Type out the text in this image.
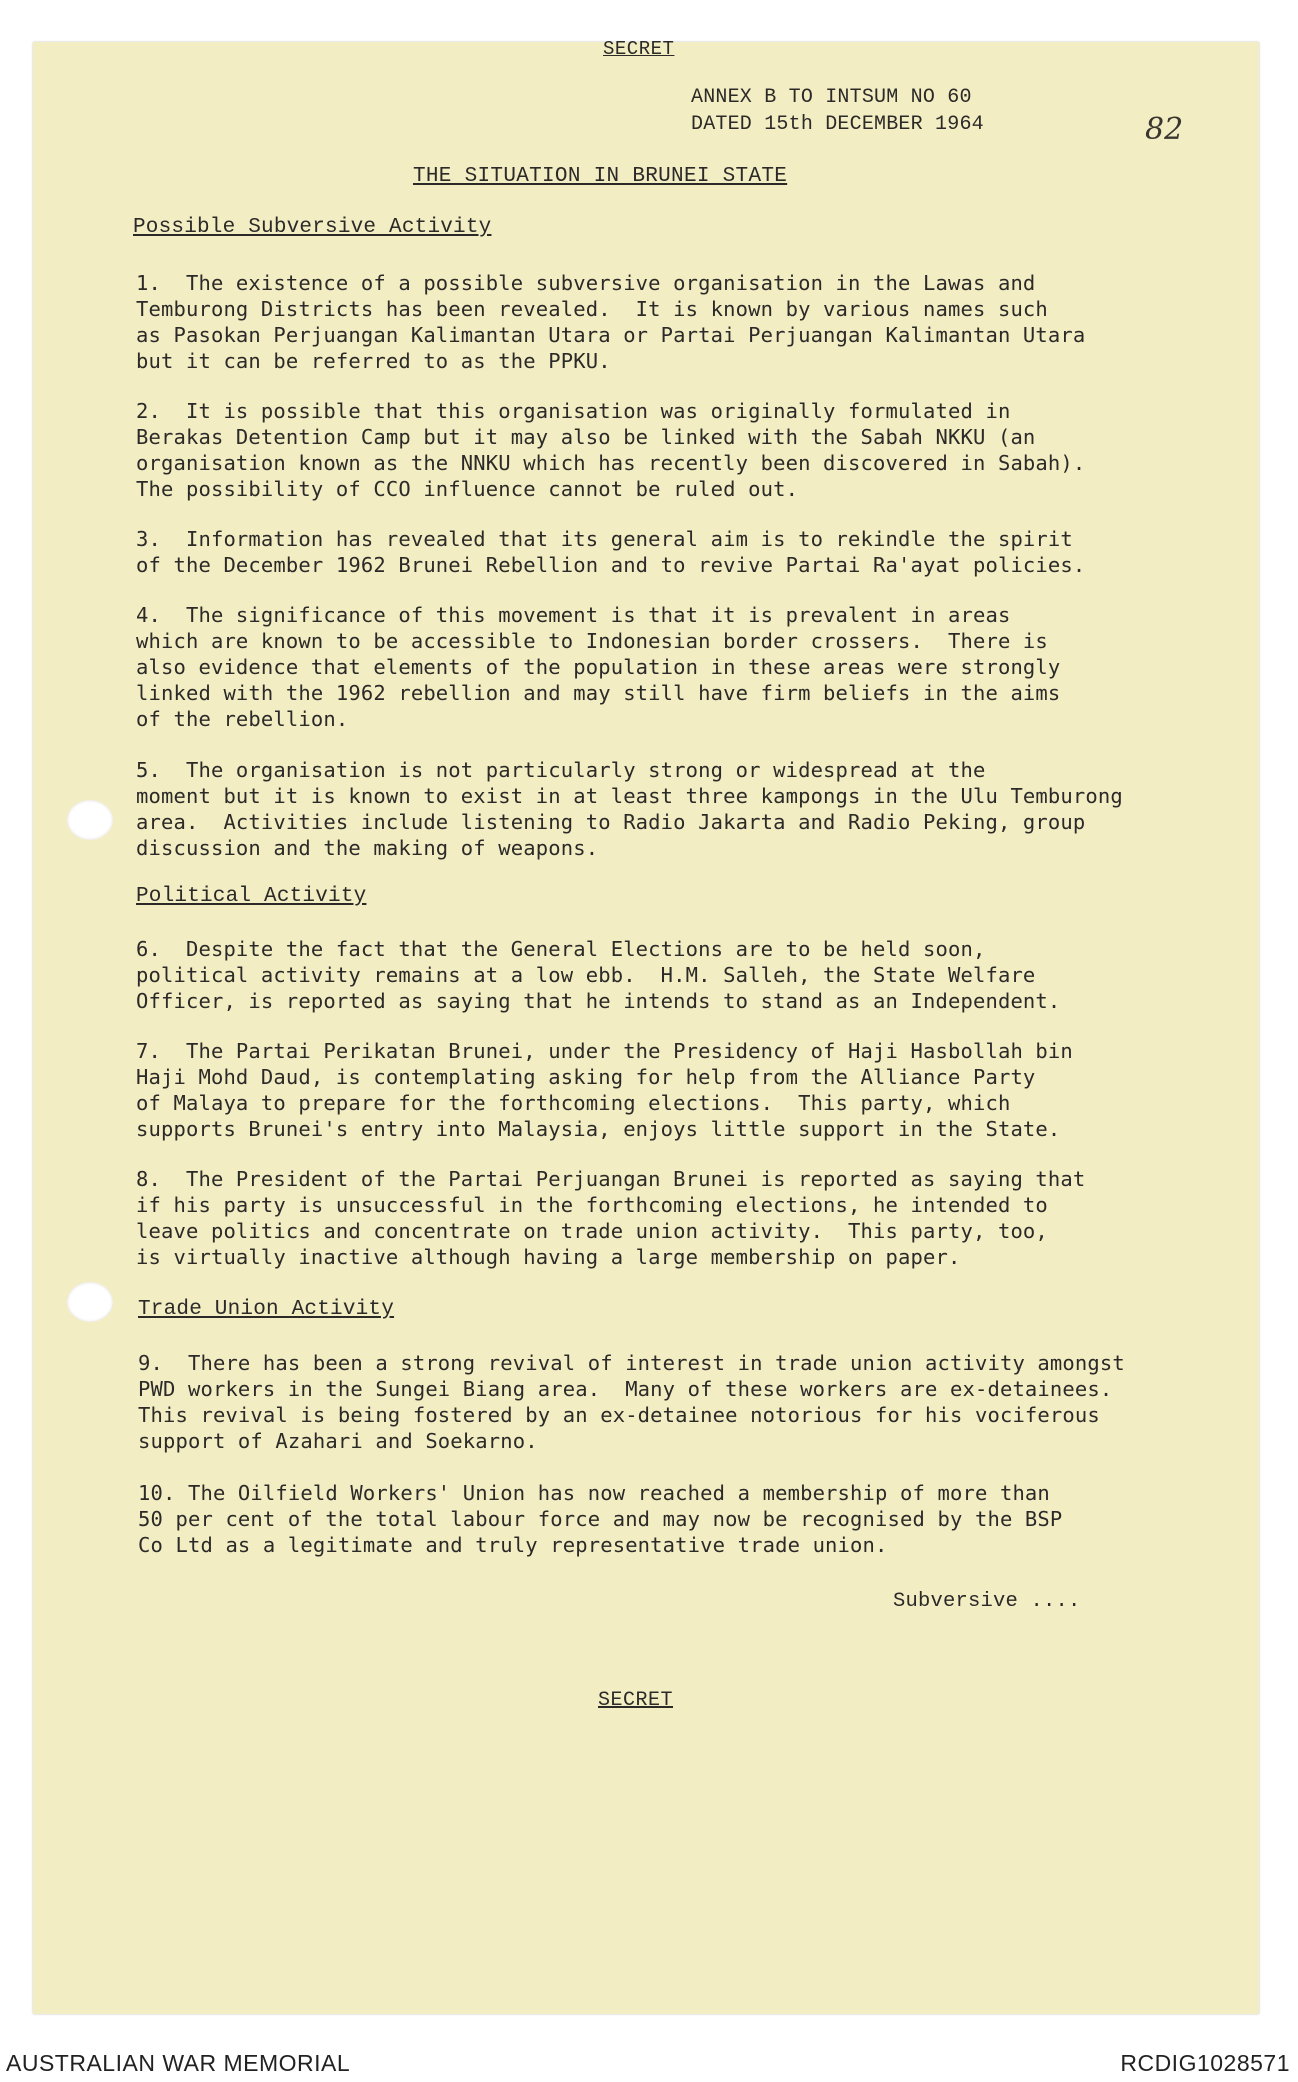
SECRET
ANNEX B TO INTSUM NO 60
DATED 15th DECEMBER 1964	82
THE SITUATION IN BRUNEI STATE
Possible Subversive Activity
1.  The existence of a possible subversive organisation in the Lawas and
Temburong Districts has been revealed.  It is known by various names such
as Pasokan Perjuangan Kalimantan Utara or Partai Perjuangan Kalimantan Utara
but it can be referred to as the PPKU.
2.  It is possible that this organisation was originally formulated in
Berakas Detention Camp but it may also be linked with the Sabah NKKU (an
organisation known as the NNKU which has recently been discovered in Sabah).
The possibility of CCO influence cannot be ruled out.
3.  Information has revealed that its general aim is to rekindle the spirit
of the December 1962 Brunei Rebellion and to revive Partai Ra'ayat policies.
4.  The significance of this movement is that it is prevalent in areas
which are known to be accessible to Indonesian border crossers.  There is
also evidence that elements of the population in these areas were strongly
linked with the 1962 rebellion and may still have firm beliefs in the aims
of the rebellion.
5.  The organisation is not particularly strong or widespread at the
moment but it is known to exist in at least three kampongs in the Ulu Temburong
area.  Activities include listening to Radio Jakarta and Radio Peking, group
discussion and the making of weapons.
Political Activity
6.  Despite the fact that the General Elections are to be held soon,
political activity remains at a low ebb.  H.M. Salleh, the State Welfare
Officer, is reported as saying that he intends to stand as an Independent.
7.  The Partai Perikatan Brunei, under the Presidency of Haji Hasbollah bin
Haji Mohd Daud, is contemplating asking for help from the Alliance Party
of Malaya to prepare for the forthcoming elections.  This party, which
supports Brunei's entry into Malaysia, enjoys little support in the State.
8.  The President of the Partai Perjuangan Brunei is reported as saying that
if his party is unsuccessful in the forthcoming elections, he intended to
leave politics and concentrate on trade union activity.  This party, too,
is virtually inactive although having a large membership on paper.
Trade Union Activity
9.  There has been a strong revival of interest in trade union activity amongst
PWD workers in the Sungei Biang area.  Many of these workers are ex-detainees.
This revival is being fostered by an ex-detainee notorious for his vociferous
support of Azahari and Soekarno.
10. The Oilfield Workers' Union has now reached a membership of more than
50 per cent of the total labour force and may now be recognised by the BSP
Co Ltd as a legitimate and truly representative trade union.
Subversive ....
SECRET
AUSTRALIAN WAR MEMORIAL	RCDIG1028571
